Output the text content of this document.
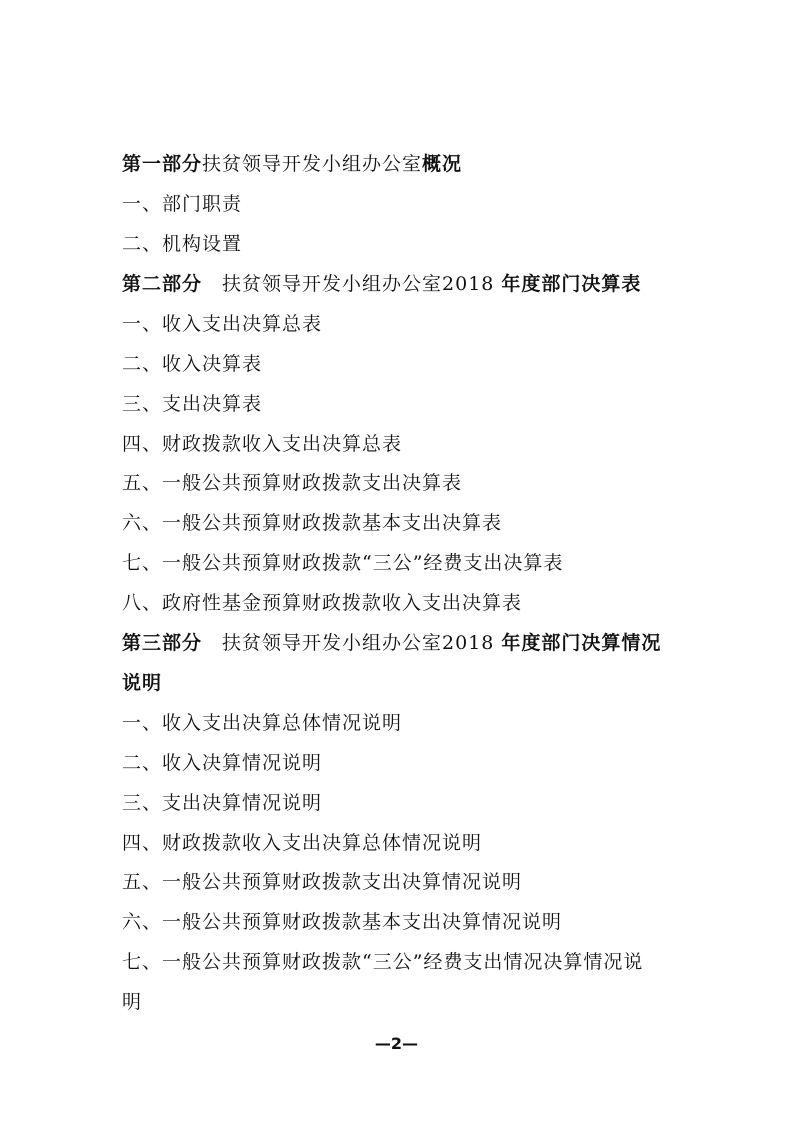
第一部分扶贫领导开发小组办公室概况
一、部门职责
二、机构设置
第二部分 扶贫领导开发小组办公室2018 年度部门决算表
一、收入支出决算总表
二、收入决算表
三、支出决算表
四、财政拨款收入支出决算总表
五、一般公共预算财政拨款支出决算表
六、一般公共预算财政拨款基本支出决算表
七、一般公共预算财政拨款“三公”经费支出决算表
八、政府性基金预算财政拨款收入支出决算表
第三部分 扶贫领导开发小组办公室2018 年度部门决算情况
说明
一、收入支出决算总体情况说明
二、收入决算情况说明
三、支出决算情况说明
四、财政拨款收入支出决算总体情况说明
五、一般公共预算财政拨款支出决算情况说明
六、一般公共预算财政拨款基本支出决算情况说明
七、一般公共预算财政拨款“三公”经费支出情况决算情况说
明
—2—
